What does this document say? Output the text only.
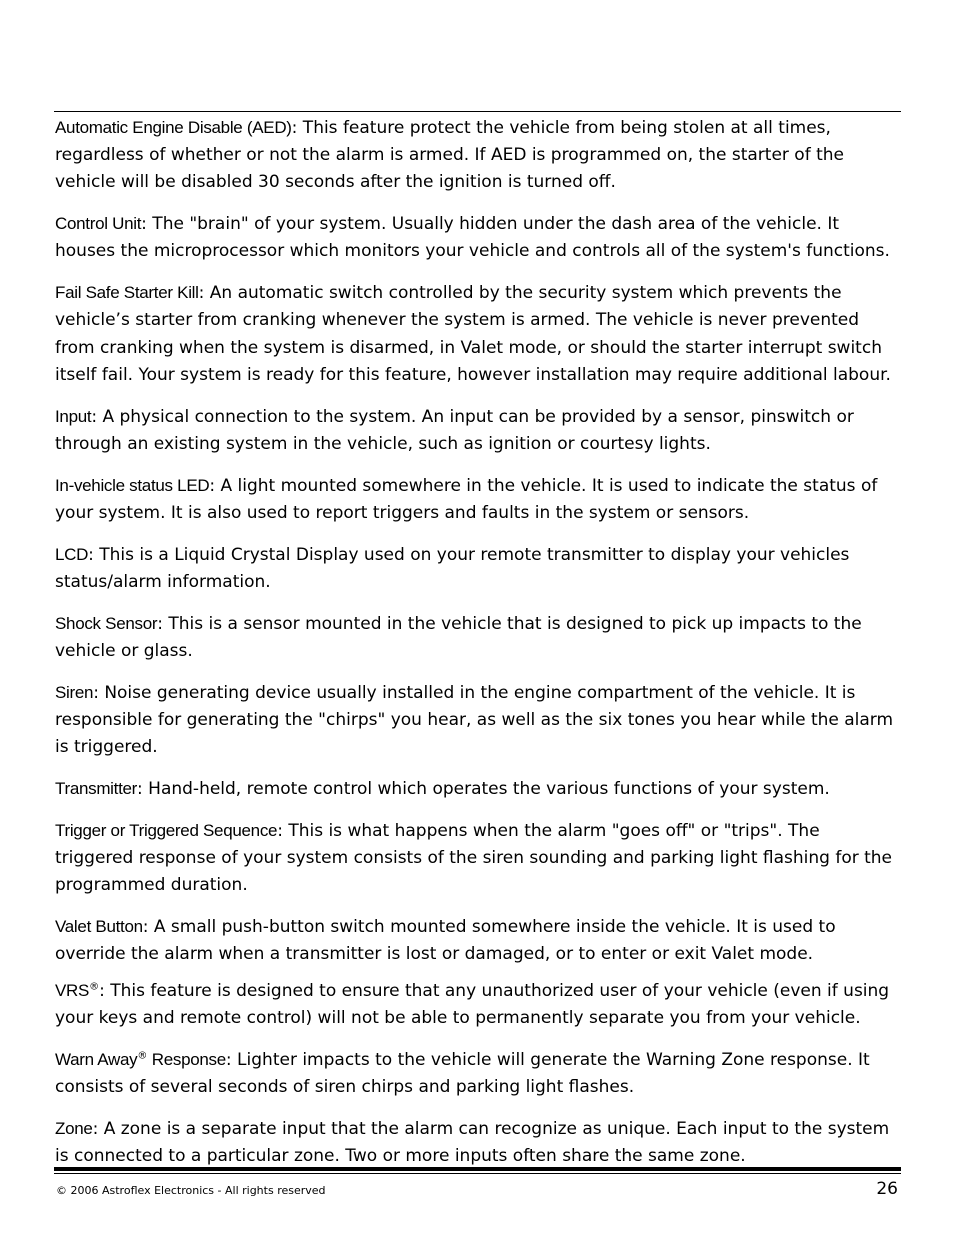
Automatic Engine Disable (AED): This feature protect the vehicle from being stolen at all times, regardless of whether or not the alarm is armed. If AED is programmed on, the starter of the vehicle will be disabled 30 seconds after the ignition is turned off.

Control Unit: The "brain" of your system. Usually hidden under the dash area of the vehicle. It houses the microprocessor which monitors your vehicle and controls all of the system's functions.

Fail Safe Starter Kill: An automatic switch controlled by the security system which prevents the vehicle’s starter from cranking whenever the system is armed. The vehicle is never prevented from cranking when the system is disarmed, in Valet mode, or should the starter interrupt switch itself fail. Your system is ready for this feature, however installation may require additional labour.

Input: A physical connection to the system. An input can be provided by a sensor, pinswitch or through an existing system in the vehicle, such as ignition or courtesy lights.

In-vehicle status LED: A light mounted somewhere in the vehicle. It is used to indicate the status of your system. It is also used to report triggers and faults in the system or sensors.

LCD: This is a Liquid Crystal Display used on your remote transmitter to display your vehicles status/alarm information.

Shock Sensor: This is a sensor mounted in the vehicle that is designed to pick up impacts to the vehicle or glass.

Siren: Noise generating device usually installed in the engine compartment of the vehicle. It is responsible for generating the "chirps" you hear, as well as the six tones you hear while the alarm is triggered.

Transmitter: Hand-held, remote control which operates the various functions of your system.

Trigger or Triggered Sequence: This is what happens when the alarm "goes off" or "trips". The triggered response of your system consists of the siren sounding and parking light flashing for the programmed duration.

Valet Button: A small push-button switch mounted somewhere inside the vehicle. It is used to override the alarm when a transmitter is lost or damaged, or to enter or exit Valet mode.

VRS®: This feature is designed to ensure that any unauthorized user of your vehicle (even if using your keys and remote control) will not be able to permanently separate you from your vehicle.

Warn Away® Response: Lighter impacts to the vehicle will generate the Warning Zone response. It consists of several seconds of siren chirps and parking light flashes.

Zone: A zone is a separate input that the alarm can recognize as unique. Each input to the system is connected to a particular zone. Two or more inputs often share the same zone.

© 2006 Astroflex Electronics - All rights reserved	26
